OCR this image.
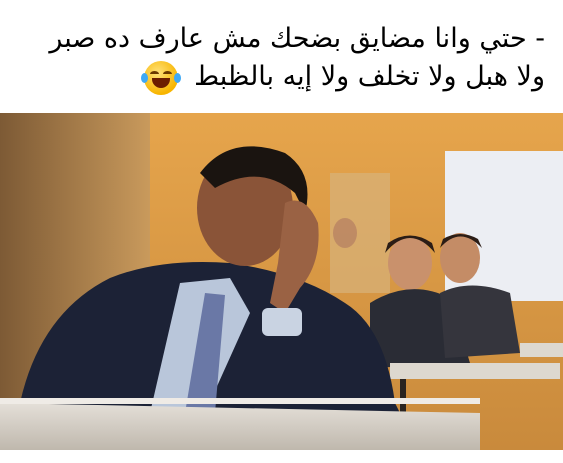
- حتي وانا مضايق بضحك مش عارف ده صبر
ولا هبل ولا تخلف ولا إيه بالظبط
